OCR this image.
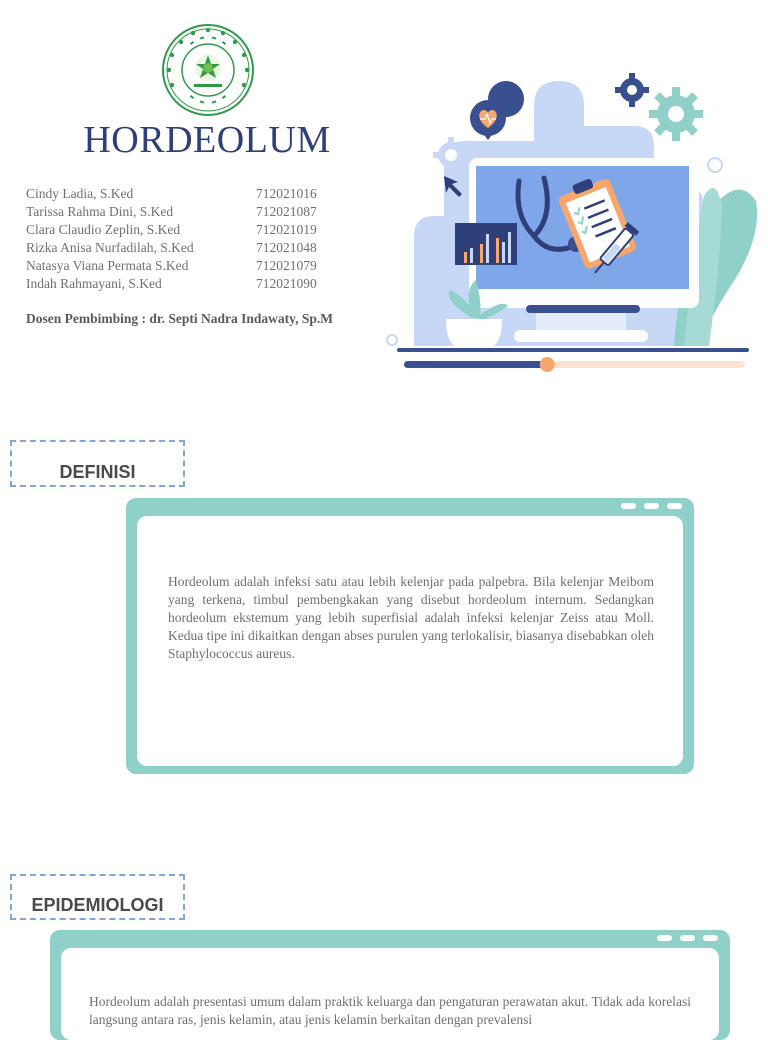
HORDEOLUM
Cindy Ladia, S.Ked	712021016
Tarissa Rahma Dini, S.Ked	712021087
Clara Claudio Zeplin, S.Ked	712021019
Rizka Anisa Nurfadilah, S.Ked	712021048
Natasya Viana Permata S.Ked	712021079
Indah Rahmayani, S.Ked	712021090
Dosen Pembimbing : dr. Septi Nadra Indawaty, Sp.M
DEFINISI

Hordeolum adalah infeksi satu atau lebih kelenjar pada palpebra. Bila kelenjar Meibom yang terkena, timbul pembengkakan yang disebut hordeolum internum. Sedangkan hordeolum ekstemum yang lebih superfisial adalah infeksi kelenjar Zeiss atau Moll. Kedua tipe ini dikaitkan dengan abses purulen yang terlokalisir, biasanya disebabkan oleh Staphylococcus aureus.

EPIDEMIOLOGI

Hordeolum adalah presentasi umum dalam praktik keluarga dan pengaturan perawatan akut. Tidak ada korelasi langsung antara ras, jenis kelamin, atau jenis kelamin berkaitan dengan prevalensi
